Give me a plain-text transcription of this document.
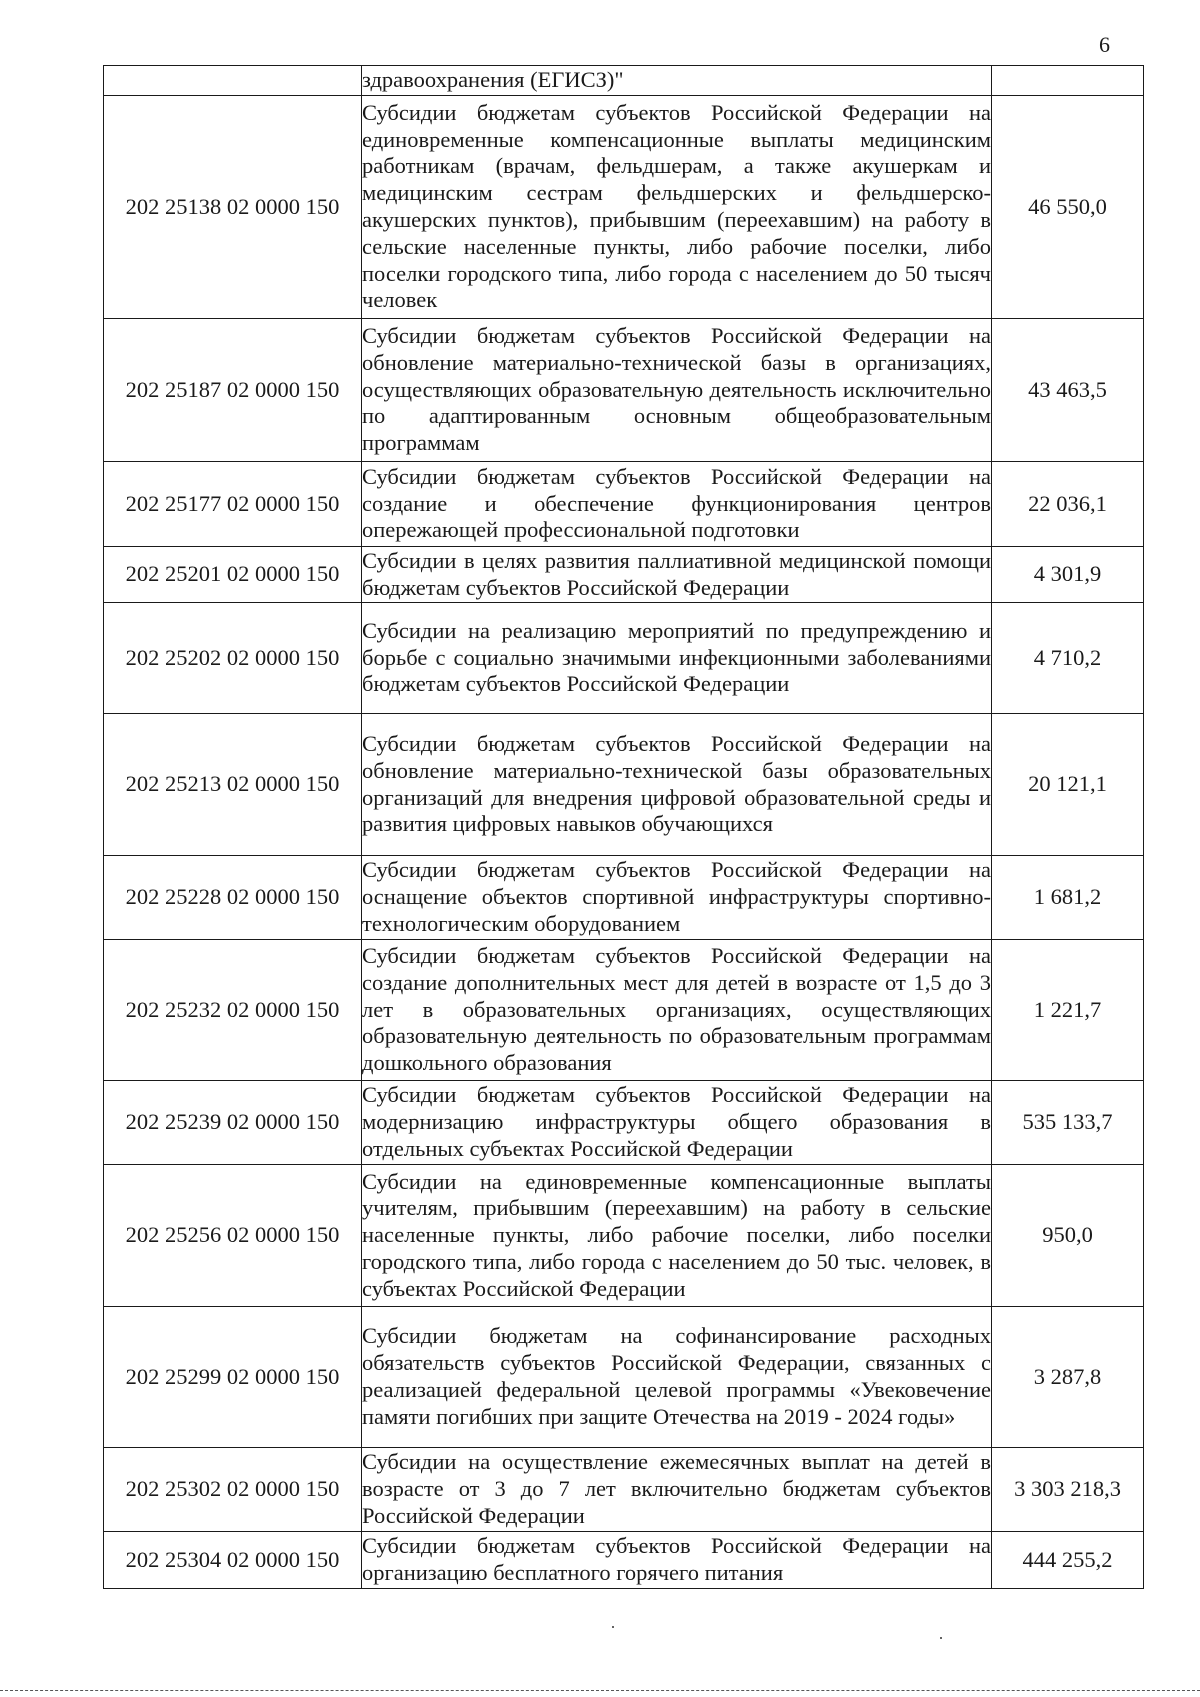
6
	здравоохранения (ЕГИСЗ)"	
202 25138 02 0000 150	Субсидии бюджетам субъектов Российской Федерации на единовременные компенсационные выплаты медицинским работникам (врачам, фельдшерам, а также акушеркам и медицинским сестрам фельдшерских и фельдшерско-акушерских пунктов), прибывшим (переехавшим) на работу в сельские населенные пункты, либо рабочие поселки, либо поселки городского типа, либо города с населением до 50 тысяч человек	46 550,0
202 25187 02 0000 150	Субсидии бюджетам субъектов Российской Федерации на обновление материально-технической базы в организациях, осуществляющих образовательную деятельность исключительно по адаптированным основным общеобразовательным программам	43 463,5
202 25177 02 0000 150	Субсидии бюджетам субъектов Российской Федерации на создание и обеспечение функционирования центров опережающей профессиональной подготовки	22 036,1
202 25201 02 0000 150	Субсидии в целях развития паллиативной медицинской помощи бюджетам субъектов Российской Федерации	4 301,9
202 25202 02 0000 150	Субсидии на реализацию мероприятий по предупреждению и борьбе с социально значимыми инфекционными заболеваниями бюджетам субъектов Российской Федерации	4 710,2
202 25213 02 0000 150	Субсидии бюджетам субъектов Российской Федерации на обновление материально-технической базы образовательных организаций для внедрения цифровой образовательной среды и развития цифровых навыков обучающихся	20 121,1
202 25228 02 0000 150	Субсидии бюджетам субъектов Российской Федерации на оснащение объектов спортивной инфраструктуры спортивно-технологическим оборудованием	1 681,2
202 25232 02 0000 150	Субсидии бюджетам субъектов Российской Федерации на создание дополнительных мест для детей в возрасте от 1,5 до 3 лет в образовательных организациях, осуществляющих образовательную деятельность по образовательным программам дошкольного образования	1 221,7
202 25239 02 0000 150	Субсидии бюджетам субъектов Российской Федерации на модернизацию инфраструктуры общего образования в отдельных субъектах Российской Федерации	535 133,7
202 25256 02 0000 150	Субсидии на единовременные компенсационные выплаты учителям, прибывшим (переехавшим) на работу в сельские населенные пункты, либо рабочие поселки, либо поселки городского типа, либо города с населением до 50 тыс. человек, в субъектах Российской Федерации	950,0
202 25299 02 0000 150	Субсидии бюджетам на софинансирование расходных обязательств субъектов Российской Федерации, связанных с реализацией федеральной целевой программы «Увековечение памяти погибших при защите Отечества на 2019 - 2024 годы»	3 287,8
202 25302 02 0000 150	Субсидии на осуществление ежемесячных выплат на детей в возрасте от 3 до 7 лет включительно бюджетам субъектов Российской Федерации	3 303 218,3
202 25304 02 0000 150	Субсидии бюджетам субъектов Российской Федерации на организацию бесплатного горячего питания	444 255,2
